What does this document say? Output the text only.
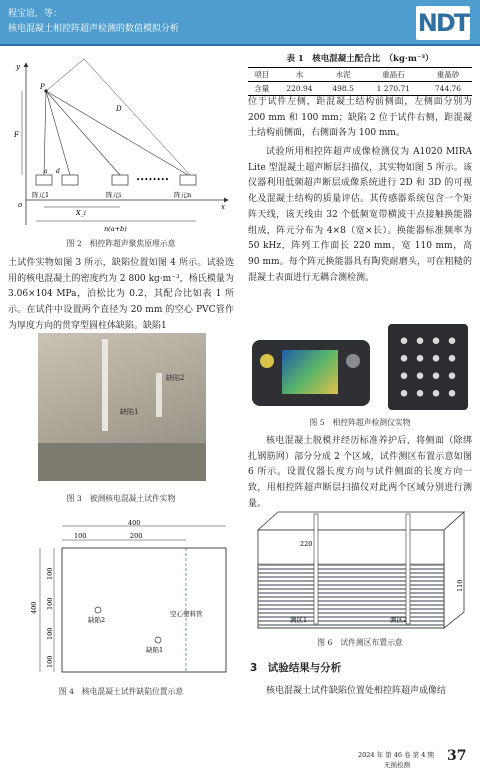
程宝谊，等：
核电混凝土相控阵超声检测的数值模拟分析	NDT
y
x
o
P
D
F
a d
••••••••
阵元1	阵元i	阵元n
X_i
n(a+b)
图 2　相控阵超声聚焦原理示意
土试件实物如图 3 所示，缺陷位置如图 4 所示。试验选用的核电混凝土的密度约为 2 800 kg·m⁻³，杨氏模量为 3.06×104 MPa，泊松比为 0.2，其配合比如表 1 所示。在试件中设置两个直径为 20 mm 的空心 PVC管作为厚度方向的贯穿型圆柱体缺陷。缺陷1
缺陷1
缺陷2
图 3　被测核电混凝土试件实物
400
100	200
400
100
100
100
100
缺陷2
缺陷1
空心塑料管
图 4　核电混凝土试件缺陷位置示意
表 1　核电混凝土配合比　（kg·m⁻³）
项目	水	水泥	重晶石	重晶砂
含量	220.94	498.5	1 270.71	744.76
位于试件左侧，距混凝土结构前侧面，左侧面分别为 200 mm 和 100 mm；缺陷 2 位于试件右侧，距混凝土结构前侧面，右侧面各为 100 mm。
试验所用相控阵超声成像检测仪为 A1020 MIRA Lite 型混凝土超声断层扫描仪，其实物如图 5 所示。该仪器利用低频超声断层成像系统进行 2D 和 3D 的可视化及混凝土结构的质量评估。其传感器系统包含一个矩阵天线，该天线由 32 个低频宽带横波干点接触换能器组成，阵元分布为 4×8（宽×长）。换能器标准频率为 50 kHz，阵列工作面长 220 mm，宽 110 mm，高 90 mm。每个阵元换能器具有陶瓷耐磨头，可在粗糙的混凝土表面进行无耦合测检测。
图 5　相控阵超声检测仪实物
核电混凝土脱模并经历标准养护后，将侧面（除绑扎钢筋网）部分分成 2 个区域，试件测区布置示意如图 6 所示。设置仪器长度方向与试件侧面的长度方向一致，用相控阵超声断层扫描仪对此两个区域分别进行测量。
220
110
测区1	测区2
图 6　试件测区布置示意
3　试验结果与分析
核电混凝土试件缺陷位置处相控阵超声成像结
2024 年 第 46 卷 第 4 期
无损检测
37
